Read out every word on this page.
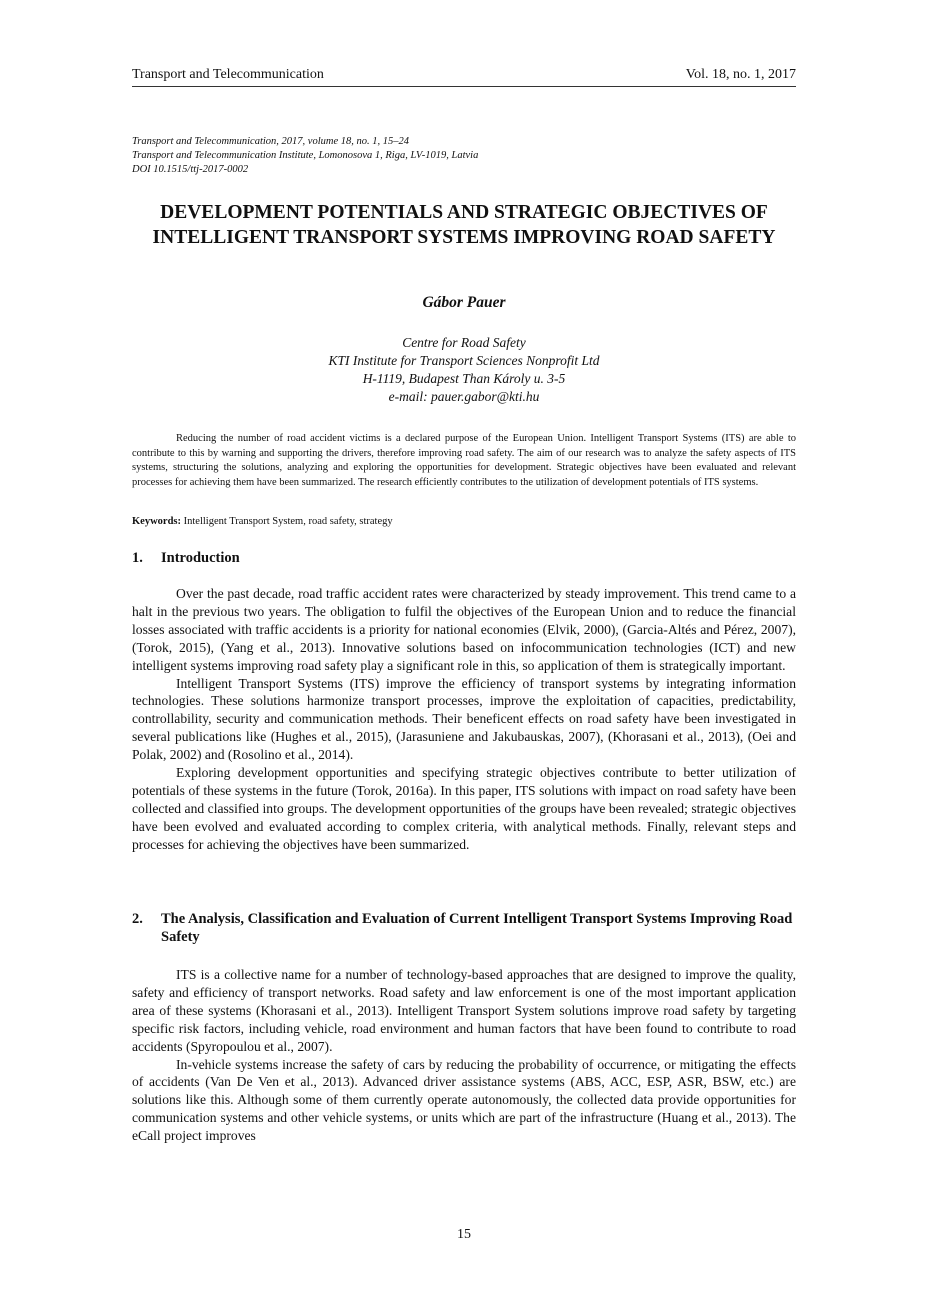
Transport and Telecommunication	Vol. 18, no. 1, 2017
Transport and Telecommunication, 2017, volume 18, no. 1, 15–24
Transport and Telecommunication Institute, Lomonosova 1, Riga, LV-1019, Latvia
DOI 10.1515/ttj-2017-0002
DEVELOPMENT POTENTIALS AND STRATEGIC OBJECTIVES OF INTELLIGENT TRANSPORT SYSTEMS IMPROVING ROAD SAFETY
Gábor Pauer
Centre for Road Safety
KTI Institute for Transport Sciences Nonprofit Ltd
H-1119, Budapest Than Károly u. 3-5
e-mail: pauer.gabor@kti.hu

Reducing the number of road accident victims is a declared purpose of the European Union. Intelligent Transport Systems (ITS) are able to contribute to this by warning and supporting the drivers, therefore improving road safety. The aim of our research was to analyze the safety aspects of ITS systems, structuring the solutions, analyzing and exploring the opportunities for development. Strategic objectives have been evaluated and relevant processes for achieving them have been summarized. The research efficiently contributes to the utilization of development potentials of ITS systems.

Keywords: Intelligent Transport System, road safety, strategy
1. Introduction

Over the past decade, road traffic accident rates were characterized by steady improvement. This trend came to a halt in the previous two years. The obligation to fulfil the objectives of the European Union and to reduce the financial losses associated with traffic accidents is a priority for national economies (Elvik, 2000), (Garcia-Altés and Pérez, 2007), (Torok, 2015), (Yang et al., 2013). Innovative solutions based on infocommunication technologies (ICT) and new intelligent systems improving road safety play a significant role in this, so application of them is strategically important.

Intelligent Transport Systems (ITS) improve the efficiency of transport systems by integrating information technologies. These solutions harmonize transport processes, improve the exploitation of capacities, predictability, controllability, security and communication methods. Their beneficent effects on road safety have been investigated in several publications like (Hughes et al., 2015), (Jarasuniene and Jakubauskas, 2007), (Khorasani et al., 2013), (Oei and Polak, 2002) and (Rosolino et al., 2014).

Exploring development opportunities and specifying strategic objectives contribute to better utilization of potentials of these systems in the future (Torok, 2016a). In this paper, ITS solutions with impact on road safety have been collected and classified into groups. The development opportunities of the groups have been revealed; strategic objectives have been evolved and evaluated according to complex criteria, with analytical methods. Finally, relevant steps and processes for achieving the objectives have been summarized.

2. The Analysis, Classification and Evaluation of Current Intelligent Transport Systems Improving Road Safety

ITS is a collective name for a number of technology-based approaches that are designed to improve the quality, safety and efficiency of transport networks. Road safety and law enforcement is one of the most important application area of these systems (Khorasani et al., 2013). Intelligent Transport System solutions improve road safety by targeting specific risk factors, including vehicle, road environment and human factors that have been found to contribute to road accidents (Spyropoulou et al., 2007).

In-vehicle systems increase the safety of cars by reducing the probability of occurrence, or mitigating the effects of accidents (Van De Ven et al., 2013). Advanced driver assistance systems (ABS, ACC, ESP, ASR, BSW, etc.) are solutions like this. Although some of them currently operate autonomously, the collected data provide opportunities for communication systems and other vehicle systems, or units which are part of the infrastructure (Huang et al., 2013). The eCall project improves

15
